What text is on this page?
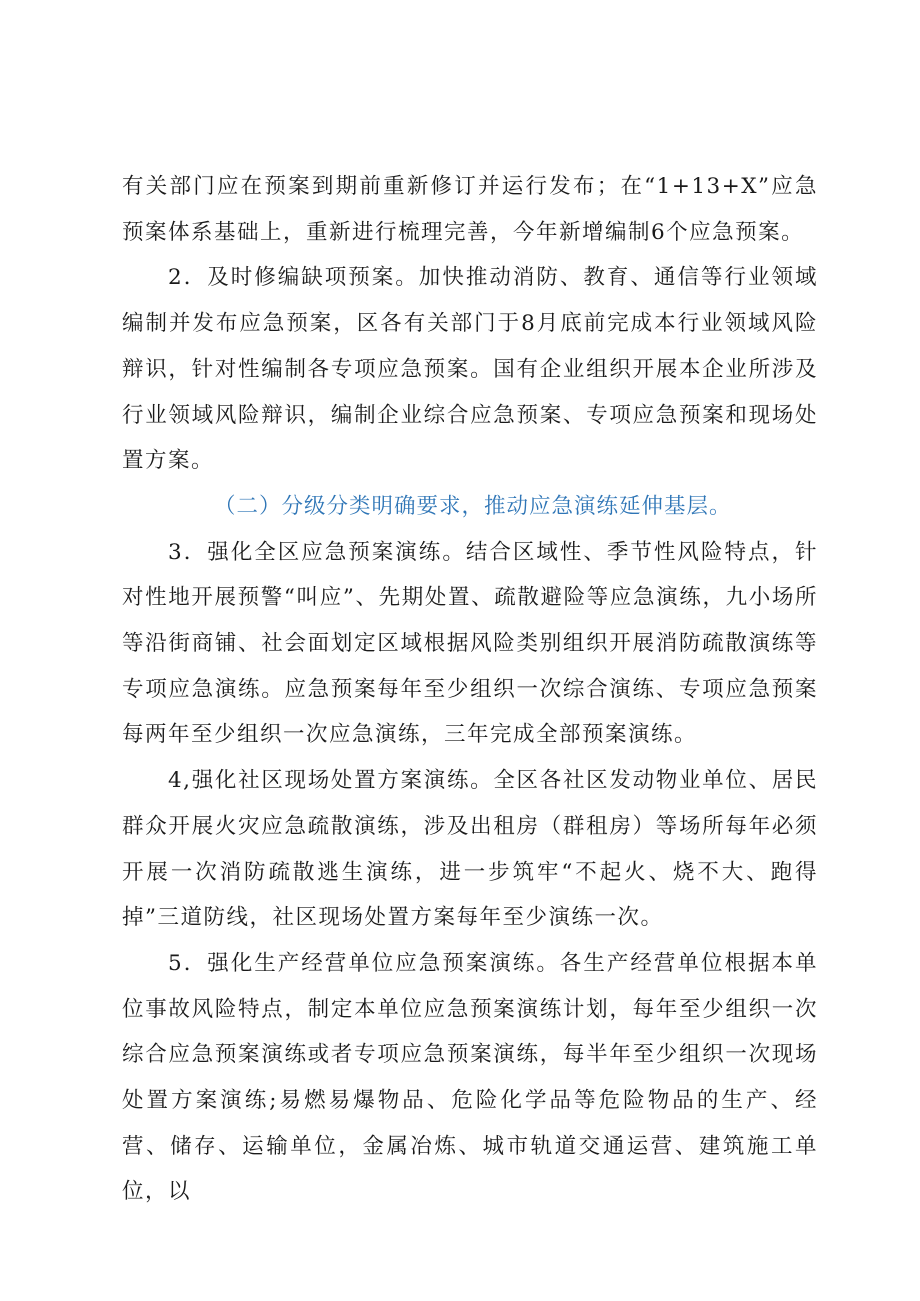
有关部门应在预案到期前重新修订并运行发布；在“1+13+X”应急预案体系基础上，重新进行梳理完善，今年新增编制6个应急预案。

2．及时修编缺项预案。加快推动消防、教育、通信等行业领域编制并发布应急预案，区各有关部门于8月底前完成本行业领域风险辩识，针对性编制各专项应急预案。国有企业组织开展本企业所涉及行业领域风险辩识，编制企业综合应急预案、专项应急预案和现场处置方案。

（二）分级分类明确要求，推动应急演练延伸基层。

3．强化全区应急预案演练。结合区域性、季节性风险特点，针对性地开展预警“叫应”、先期处置、疏散避险等应急演练，九小场所等沿街商铺、社会面划定区域根据风险类别组织开展消防疏散演练等专项应急演练。应急预案每年至少组织一次综合演练、专项应急预案每两年至少组织一次应急演练，三年完成全部预案演练。

4,强化社区现场处置方案演练。全区各社区发动物业单位、居民群众开展火灾应急疏散演练，涉及出租房（群租房）等场所每年必须开展一次消防疏散逃生演练，进一步筑牢“不起火、烧不大、跑得掉”三道防线，社区现场处置方案每年至少演练一次。

5．强化生产经营单位应急预案演练。各生产经营单位根据本单位事故风险特点，制定本单位应急预案演练计划，每年至少组织一次综合应急预案演练或者专项应急预案演练，每半年至少组织一次现场处置方案演练;易燃易爆物品、危险化学品等危险物品的生产、经营、储存、运输单位，金属冶炼、城市轨道交通运营、建筑施工单位，以
